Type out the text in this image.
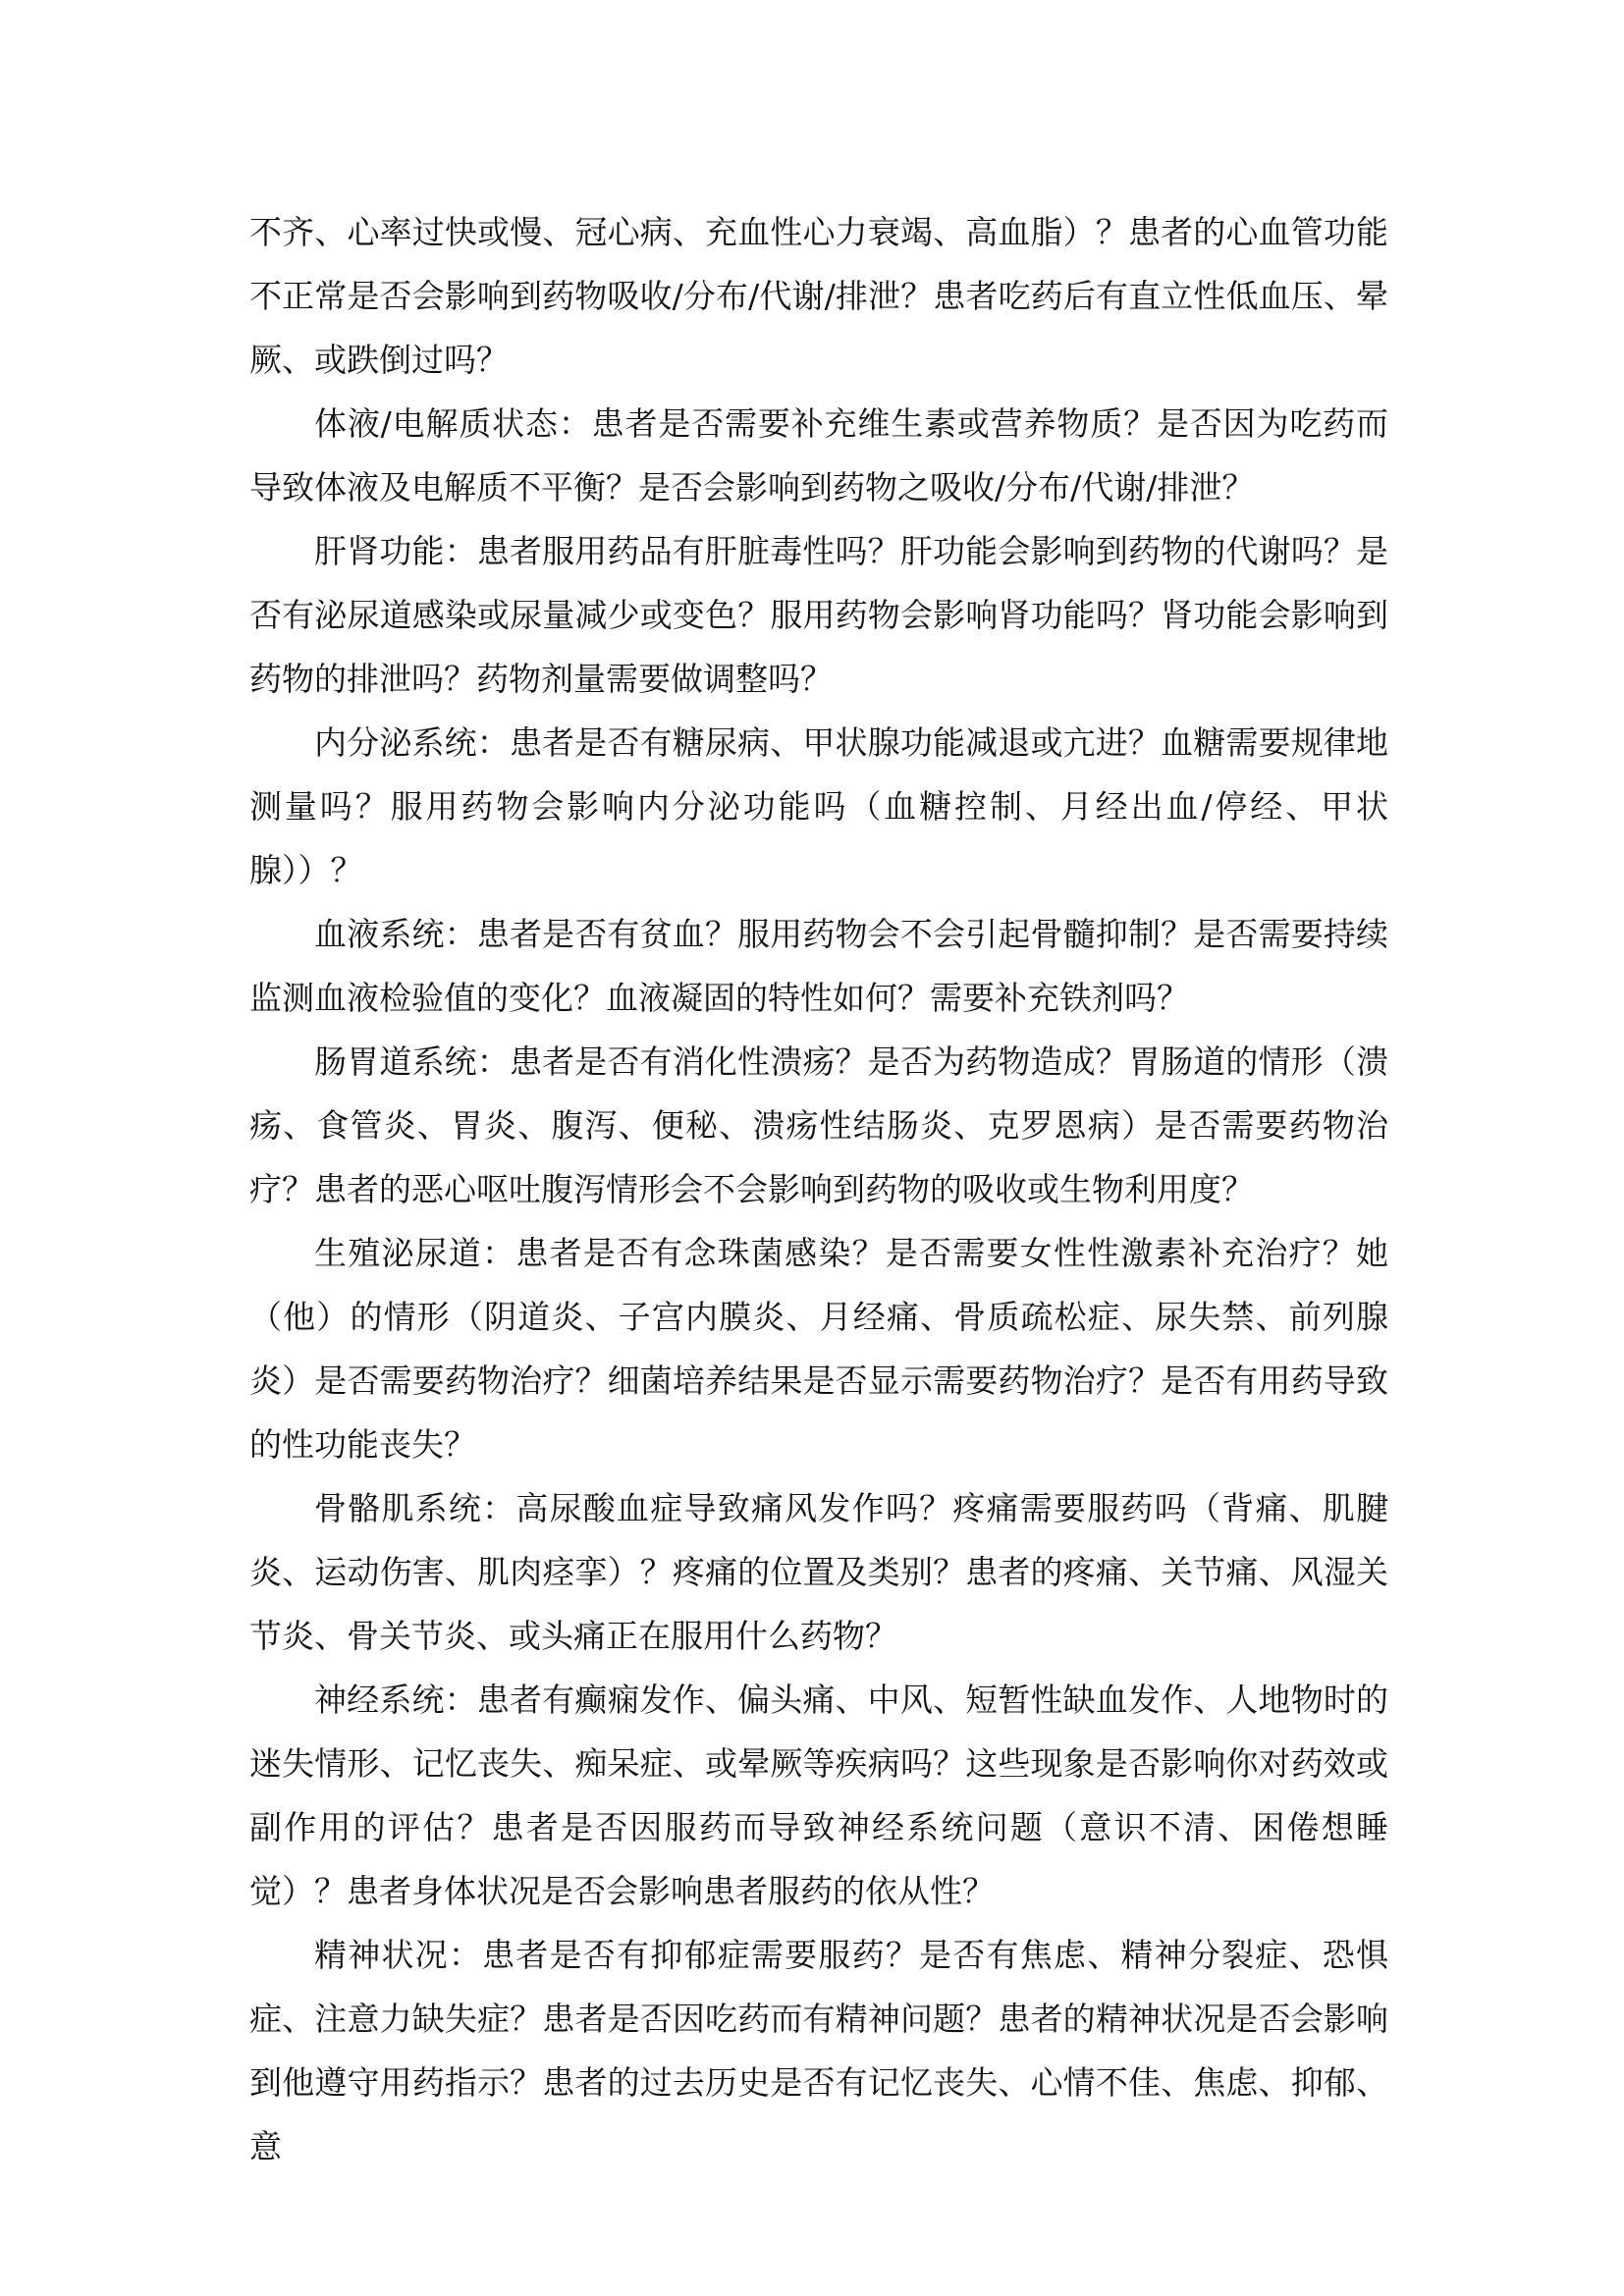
不齐、心率过快或慢、冠心病、充血性心力衰竭、高血脂）？患者的心血管功能不正常是否会影响到药物吸收/分布/代谢/排泄？患者吃药后有直立性低血压、晕厥、或跌倒过吗？

体液/电解质状态：患者是否需要补充维生素或营养物质？是否因为吃药而导致体液及电解质不平衡？是否会影响到药物之吸收/分布/代谢/排泄？

肝肾功能：患者服用药品有肝脏毒性吗？肝功能会影响到药物的代谢吗？是否有泌尿道感染或尿量减少或变色？服用药物会影响肾功能吗？肾功能会影响到药物的排泄吗？药物剂量需要做调整吗？

内分泌系统：患者是否有糖尿病、甲状腺功能减退或亢进？血糖需要规律地测量吗？服用药物会影响内分泌功能吗（血糖控制、月经出血/停经、甲状腺））？

血液系统：患者是否有贫血？服用药物会不会引起骨髓抑制？是否需要持续监测血液检验值的变化？血液凝固的特性如何？需要补充铁剂吗？

肠胃道系统：患者是否有消化性溃疡？是否为药物造成？胃肠道的情形（溃疡、食管炎、胃炎、腹泻、便秘、溃疡性结肠炎、克罗恩病）是否需要药物治疗？患者的恶心呕吐腹泻情形会不会影响到药物的吸收或生物利用度？

生殖泌尿道：患者是否有念珠菌感染？是否需要女性性激素补充治疗？她（他）的情形（阴道炎、子宫内膜炎、月经痛、骨质疏松症、尿失禁、前列腺炎）是否需要药物治疗？细菌培养结果是否显示需要药物治疗？是否有用药导致的性功能丧失？

骨骼肌系统：高尿酸血症导致痛风发作吗？疼痛需要服药吗（背痛、肌腱炎、运动伤害、肌肉痉挛）？疼痛的位置及类别？患者的疼痛、关节痛、风湿关节炎、骨关节炎、或头痛正在服用什么药物？

神经系统：患者有癫痫发作、偏头痛、中风、短暂性缺血发作、人地物时的迷失情形、记忆丧失、痴呆症、或晕厥等疾病吗？这些现象是否影响你对药效或副作用的评估？患者是否因服药而导致神经系统问题（意识不清、困倦想睡觉）？患者身体状况是否会影响患者服药的依从性？

精神状况：患者是否有抑郁症需要服药？是否有焦虑、精神分裂症、恐惧症、注意力缺失症？患者是否因吃药而有精神问题？患者的精神状况是否会影响到他遵守用药指示？患者的过去历史是否有记忆丧失、心情不佳、焦虑、抑郁、意
